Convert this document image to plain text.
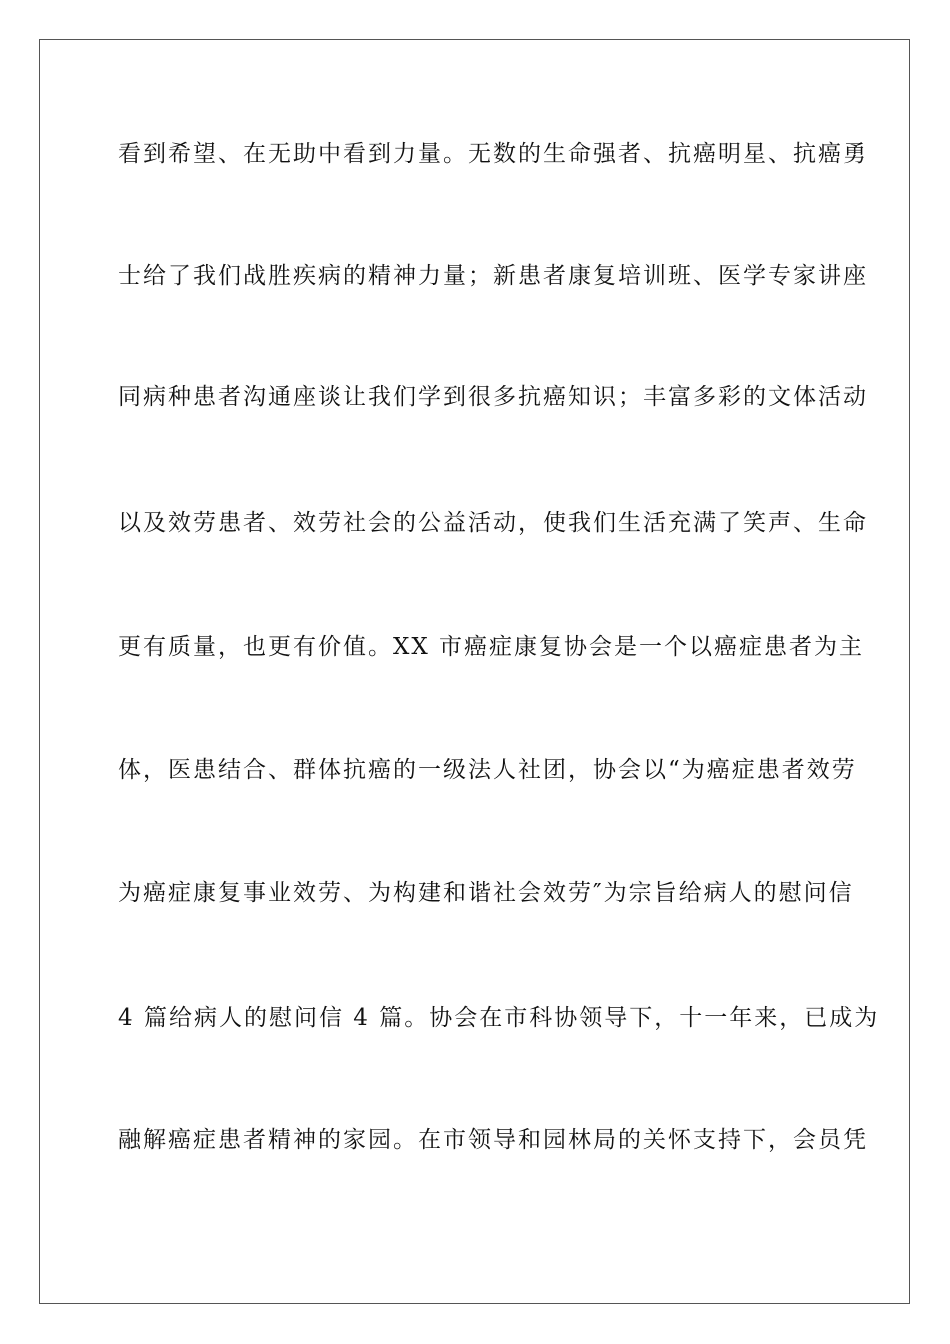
看到希望、在无助中看到力量。无数的生命强者、抗癌明星、抗癌勇
士给了我们战胜疾病的精神力量；新患者康复培训班、医学专家讲座
同病种患者沟通座谈让我们学到很多抗癌知识；丰富多彩的文体活动
以及效劳患者、效劳社会的公益活动，使我们生活充满了笑声、生命
更有质量，也更有价值。XX 市癌症康复协会是一个以癌症患者为主
体，医患结合、群体抗癌的一级法人社团，协会以“为癌症患者效劳
为癌症康复事业效劳、为构建和谐社会效劳″为宗旨给病人的慰问信
4 篇给病人的慰问信 4 篇。协会在市科协领导下，十一年来，已成为
融解癌症患者精神的家园。在市领导和园林局的关怀支持下，会员凭
